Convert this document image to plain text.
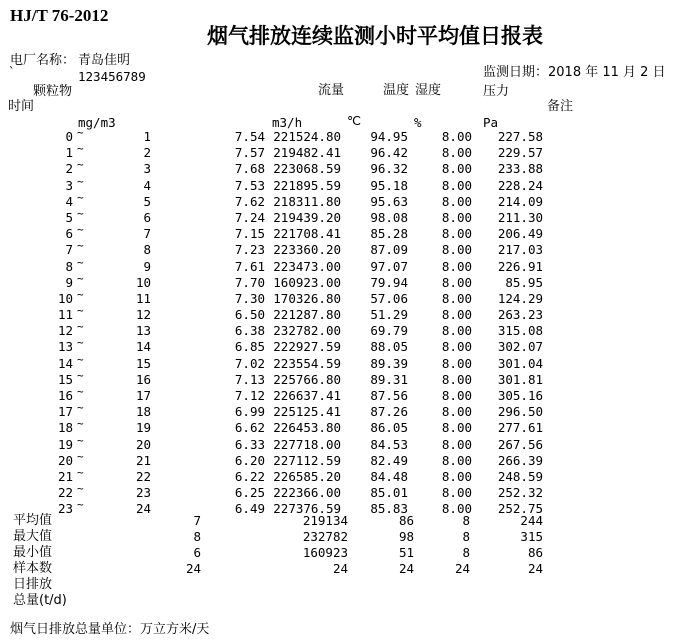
HJ/T 76-2012
烟气排放连续监测小时平均值日报表
电厂名称： 青岛佳明
`	123456789	监测日期：2018 年 11 月 2 日
颗粒物	流量	温度 湿度	压力
时间	备注
mg/m3	m3/h	℃	%	Pa
0 ~	1	7.54 221524.80	94.95	8.00	227.58
1 ~	2	7.57 219482.41	96.42	8.00	229.57
2 ~	3	7.68 223068.59	96.32	8.00	233.88
3 ~	4	7.53 221895.59	95.18	8.00	228.24
4 ~	5	7.62 218311.80	95.63	8.00	214.09
5 ~	6	7.24 219439.20	98.08	8.00	211.30
6 ~	7	7.15 221708.41	85.28	8.00	206.49
7 ~	8	7.23 223360.20	87.09	8.00	217.03
8 ~	9	7.61 223473.00	97.07	8.00	226.91
9 ~	10	7.70 160923.00	79.94	8.00	85.95
10 ~	11	7.30 170326.80	57.06	8.00	124.29
11 ~	12	6.50 221287.80	51.29	8.00	263.23
12 ~	13	6.38 232782.00	69.79	8.00	315.08
13 ~	14	6.85 222927.59	88.05	8.00	302.07
14 ~	15	7.02 223554.59	89.39	8.00	301.04
15 ~	16	7.13 225766.80	89.31	8.00	301.81
16 ~	17	7.12 226637.41	87.56	8.00	305.16
17 ~	18	6.99 225125.41	87.26	8.00	296.50
18 ~	19	6.62 226453.80	86.05	8.00	277.61
19 ~	20	6.33 227718.00	84.53	8.00	267.56
20 ~	21	6.20 227112.59	82.49	8.00	266.39
21 ~	22	6.22 226585.20	84.48	8.00	248.59
22 ~	23	6.25 222366.00	85.01	8.00	252.32
23 ~	24	6.49 227376.59	85.83	8.00	252.75
平均值	7	219134	86	8	244
最大值	8	232782	98	8	315
最小值	6	160923	51	8	86
样本数	24	24	24	24	24
日排放
总量(t/d)
烟气日排放总量单位：万立方米/天
